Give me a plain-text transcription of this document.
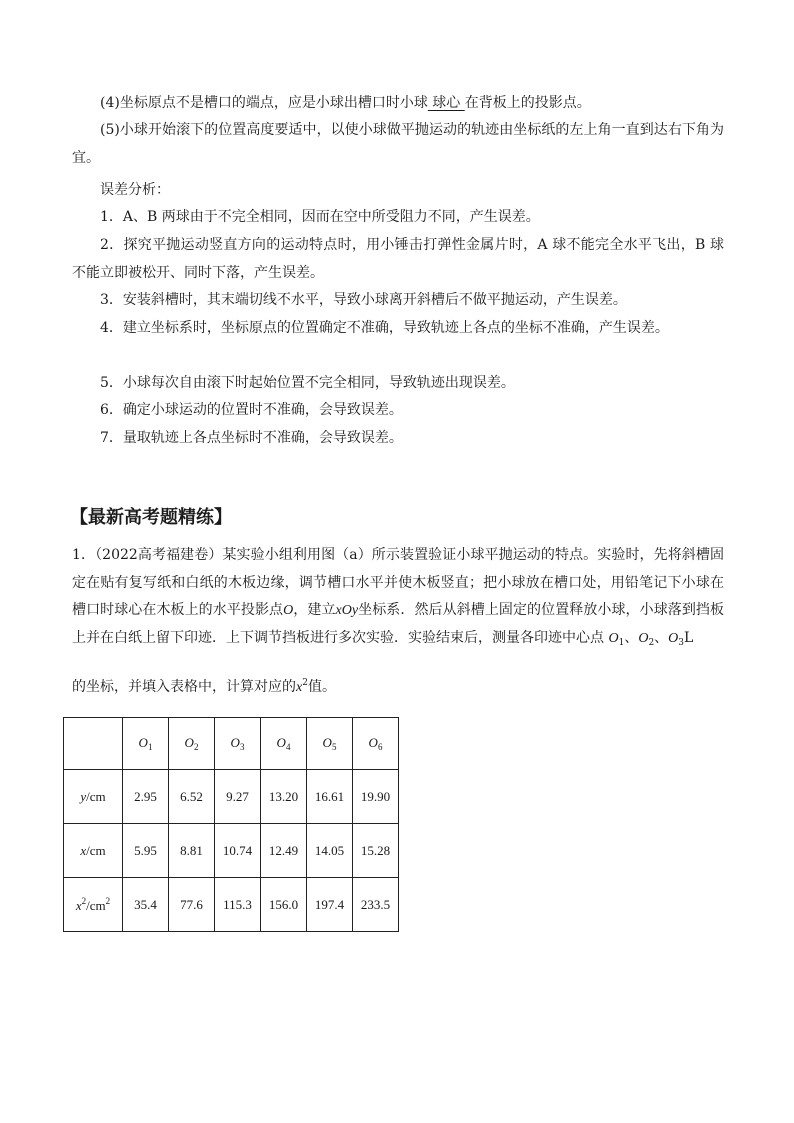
(4)坐标原点不是槽口的端点，应是小球出槽口时小球 球心 在背板上的投影点。

(5)小球开始滚下的位置高度要适中，以使小球做平抛运动的轨迹由坐标纸的左上角一直到达右下角为宜。

误差分析：

1．A、B 两球由于不完全相同，因而在空中所受阻力不同，产生误差。

2．探究平抛运动竖直方向的运动特点时，用小锤击打弹性金属片时，A 球不能完全水平飞出，B 球不能立即被松开、同时下落，产生误差。

3．安装斜槽时，其末端切线不水平，导致小球离开斜槽后不做平抛运动，产生误差。

4．建立坐标系时，坐标原点的位置确定不准确，导致轨迹上各点的坐标不准确，产生误差。

5．小球每次自由滚下时起始位置不完全相同，导致轨迹出现误差。

6．确定小球运动的位置时不准确，会导致误差。

7．量取轨迹上各点坐标时不准确，会导致误差。

【最新高考题精练】

1．（2022高考福建卷）某实验小组利用图（a）所示装置验证小球平抛运动的特点。实验时，先将斜槽固定在贴有复写纸和白纸的木板边缘，调节槽口水平并使木板竖直；把小球放在槽口处，用铅笔记下小球在槽口时球心在木板上的水平投影点O，建立xOy坐标系．然后从斜槽上固定的位置释放小球，小球落到挡板上并在白纸上留下印迹．上下调节挡板进行多次实验．实验结束后，测量各印迹中心点 $O_1$、$O_2$、$O_3L$
的坐标，并填入表格中，计算对应的$x^2$值。

	$O_1$	$O_2$	$O_3$	$O_4$	$O_5$	$O_6$
y/cm	2.95	6.52	9.27	13.20	16.61	19.90
x/cm	5.95	8.81	10.74	12.49	14.05	15.28
$x^2/cm^2$	35.4	77.6	115.3	156.0	197.4	233.5
